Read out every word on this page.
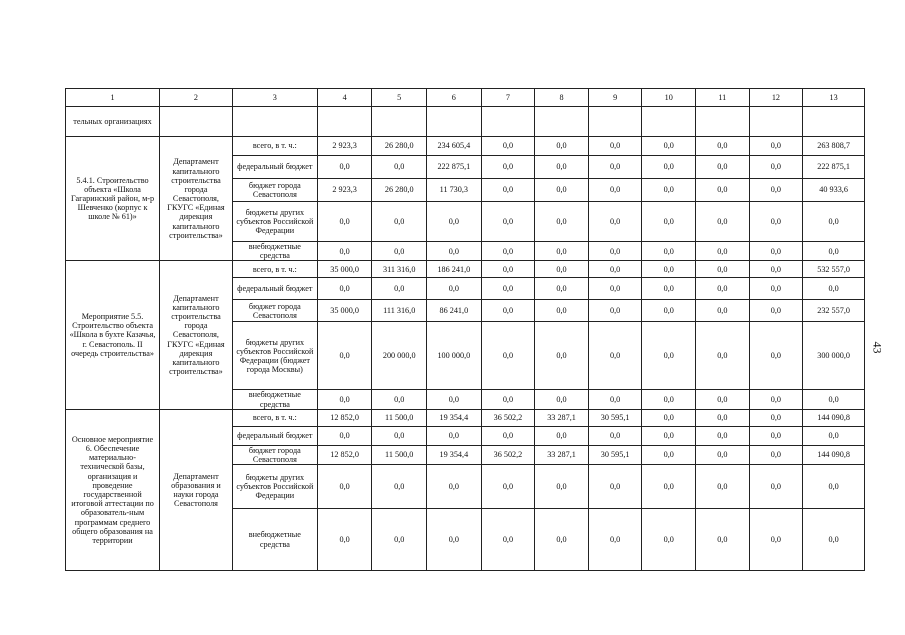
1	2	3	4	5	6	7	8	9	10	11	12	13
тельных организациях												
5.4.1. Строительство объекта «Школа Гагаринский район, м-р Шевченко (корпус к школе № 61)»	Департамент капитального строительства города Севастополя, ГКУГС «Единая дирекция капитального строительства»	всего, в т. ч.:	2 923,3	26 280,0	234 605,4	0,0	0,0	0,0	0,0	0,0	0,0	263 808,7
		федеральный бюджет	0,0	0,0	222 875,1	0,0	0,0	0,0	0,0	0,0	0,0	222 875,1
		бюджет города Севастополя	2 923,3	26 280,0	11 730,3	0,0	0,0	0,0	0,0	0,0	0,0	40 933,6
		бюджеты других субъектов Российской Федерации	0,0	0,0	0,0	0,0	0,0	0,0	0,0	0,0	0,0	0,0
		внебюджетные средства	0,0	0,0	0,0	0,0	0,0	0,0	0,0	0,0	0,0	0,0
Мероприятие 5.5. Строительство объекта «Школа в бухте Казачья, г. Севастополь. II очередь строительства»	Департамент капитального строительства города Севастополя, ГКУГС «Единая дирекция капитального строительства»	всего, в т. ч.:	35 000,0	311 316,0	186 241,0	0,0	0,0	0,0	0,0	0,0	0,0	532 557,0
		федеральный бюджет	0,0	0,0	0,0	0,0	0,0	0,0	0,0	0,0	0,0	0,0
		бюджет города Севастополя	35 000,0	111 316,0	86 241,0	0,0	0,0	0,0	0,0	0,0	0,0	232 557,0
		бюджеты других субъектов Российской Федерации (бюджет города Москвы)	0,0	200 000,0	100 000,0	0,0	0,0	0,0	0,0	0,0	0,0	300 000,0
		внебюджетные средства	0,0	0,0	0,0	0,0	0,0	0,0	0,0	0,0	0,0	0,0
Основное мероприятие 6. Обеспечение материально-технической базы, организация и проведение государственной итоговой аттестации по образователь-ным программам среднего общего образования на территории	Департамент образования и науки города Севастополя	всего, в т. ч.:	12 852,0	11 500,0	19 354,4	36 502,2	33 287,1	30 595,1	0,0	0,0	0,0	144 090,8
		федеральный бюджет	0,0	0,0	0,0	0,0	0,0	0,0	0,0	0,0	0,0	0,0
		бюджет города Севастополя	12 852,0	11 500,0	19 354,4	36 502,2	33 287,1	30 595,1	0,0	0,0	0,0	144 090,8
		бюджеты других субъектов Российской Федерации	0,0	0,0	0,0	0,0	0,0	0,0	0,0	0,0	0,0	0,0
		внебюджетные средства	0,0	0,0	0,0	0,0	0,0	0,0	0,0	0,0	0,0	0,0
43
